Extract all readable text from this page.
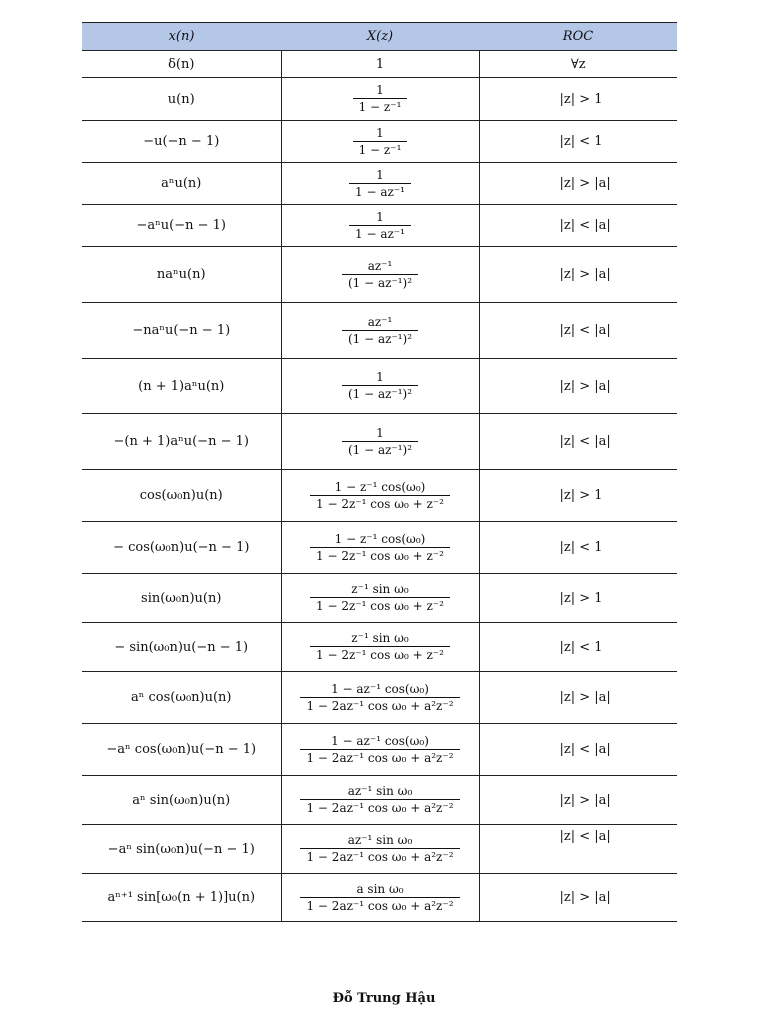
x(n)	X(z)	ROC
δ(n)	1	∀z
u(n)	$\frac{1}{\text{1 − z⁻¹}}$	|z| > 1
−u(−n − 1)	$\frac{1}{\text{1 − z⁻¹}}$	|z| < 1
aⁿu(n)	$\frac{1}{\text{1 − az⁻¹}}$	|z| > |a|
−aⁿu(−n − 1)	$\frac{1}{\text{1 − az⁻¹}}$	|z| < |a|
naⁿu(n)	$\frac{\text{az⁻¹}}{\text{(1 − az⁻¹)²}}$	|z| > |a|
−naⁿu(−n − 1)	$\frac{\text{az⁻¹}}{\text{(1 − az⁻¹)²}}$	|z| < |a|
(n + 1)aⁿu(n)	$\frac{1}{\text{(1 − az⁻¹)²}}$	|z| > |a|
−(n + 1)aⁿu(−n − 1)	$\frac{1}{\text{(1 − az⁻¹)²}}$	|z| < |a|
cos(ω₀n)u(n)	$\frac{\text{1 − z⁻¹ cos(ω₀)}}{\text{1 − 2z⁻¹ cos ω₀ + z⁻²}}$	|z| > 1
− cos(ω₀n)u(−n − 1)	$\frac{\text{1 − z⁻¹ cos(ω₀)}}{\text{1 − 2z⁻¹ cos ω₀ + z⁻²}}$	|z| < 1
sin(ω₀n)u(n)	$\frac{\text{z⁻¹ sin ω₀}}{\text{1 − 2z⁻¹ cos ω₀ + z⁻²}}$	|z| > 1
− sin(ω₀n)u(−n − 1)	$\frac{\text{z⁻¹ sin ω₀}}{\text{1 − 2z⁻¹ cos ω₀ + z⁻²}}$	|z| < 1
aⁿ cos(ω₀n)u(n)	$\frac{\text{1 − az⁻¹ cos(ω₀)}}{\text{1 − 2az⁻¹ cos ω₀ + a²z⁻²}}$	|z| > |a|
−aⁿ cos(ω₀n)u(−n − 1)	$\frac{\text{1 − az⁻¹ cos(ω₀)}}{\text{1 − 2az⁻¹ cos ω₀ + a²z⁻²}}$	|z| < |a|
aⁿ sin(ω₀n)u(n)	$\frac{\text{az⁻¹ sin ω₀}}{\text{1 − 2az⁻¹ cos ω₀ + a²z⁻²}}$	|z| > |a|
−aⁿ sin(ω₀n)u(−n − 1)	$\frac{\text{az⁻¹ sin ω₀}}{\text{1 − 2az⁻¹ cos ω₀ + a²z⁻²}}$	|z| < |a|
aⁿ⁺¹ sin[ω₀(n + 1)]u(n)	$\frac{\text{a sin ω₀}}{\text{1 − 2az⁻¹ cos ω₀ + a²z⁻²}}$	|z| > |a|
Đỗ Trung Hậu
